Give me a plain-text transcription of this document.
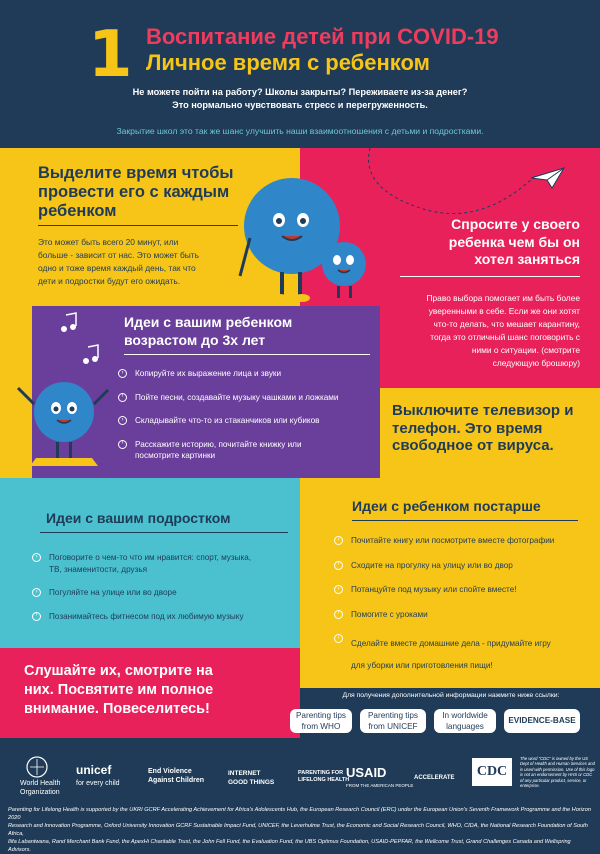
1 Воспитание детей при COVID-19
Личное время с ребенком
Не можете пойти на работу? Школы закрыты? Переживаете из-за денег?
Это нормально чувствовать стресс и перегруженность.
Закрытие школ это так же шанс улучшить наши взаимоотношения с детьми и подростками.
Выделите время чтобы
провести его с каждым
ребенком
Это может быть всего 20 минут, или
больше - зависит от нас. Это может быть
одно и тоже время каждый день, так что
дети и подростки будут его ожидать.
Спросите у своего
ребенка чем бы он
хотел заняться
Право выбора помогает им быть более
уверенными в себе. Если же они хотят
что-то делать, что мешает карантину,
тогда это отличный шанс поговорить с
ними о ситуации. (смотрите
следующую брошюру)
Идеи с вашим ребенком
возрастом до 3х лет
›	Копируйте их выражение лица и звуки
›	Пойте песни, создавайте музыку чашками и ложками
›	Складывайте что-то из стаканчиков или кубиков
›	Расскажите историю, почитайте книжку или
посмотрите картинки
Выключите телевизор и
телефон. Это время
свободное от вируса.
Идеи с вашим подростком
›	Поговорите о чем-то что им нравится: спорт, музыка,
ТВ, знаменитости, друзья
›	Погуляйте на улице или во дворе
›	Позанимайтесь фитнесом под их любимую музыку
Идеи с ребенком постарше
›	Почитайте книгу или посмотрите вместе фотографии
›	Сходите на прогулку на улицу или во двор
›	Потанцуйте под музыку или спойте вместе!
›	Помогите с уроками
›
Сделайте вместе домашние дела - придумайте игру
для уборки или приготовления пищи!
Слушайте их, смотрите на
них. Посвятите им полное
внимание. Повеселитесь!
Для получения дополнительной информации нажмите ниже ссылки:
Parenting tips
from WHO
Parenting tips
from UNICEF
In worldwide
languages
EVIDENCE-BASE
World Health
Organization
unicef
for every child
End Violence
Against Children
INTERNET
GOOD THINGS
PARENTING FOR
LIFELONG HEALTH
USAID
FROM THE AMERICAN PEOPLE
ACCELERATE	CDC
The word "CDC" is owned by the US Dept of Health and Human Services and is used with permission. Use of this logo is not an endorsement by HHS or CDC of any particular product, service, or enterprise.
Parenting for Lifelong Health is supported by the UKRI GCRF Accelerating Achievement for Africa's Adolescents Hub, the European Research Council (ERC) under the European Union's Seventh Framework Programme and the Horizon 2020
Research and Innovation Programme, Oxford University Innovation GCRF Sustainable Impact Fund, UNICEF, the Leverhulme Trust, the Economic and Social Research Council, WHO, CIDA, the National Research Foundation of South Africa,
Ilifa Labantwana, Rand Merchant Bank Fund, the ApexHi Charitable Trust, the John Fell Fund, the Evaluation Fund, the UBS Optimus Foundation, USAID-PEPFAR, the Wellcome Trust, Grand Challenges Canada and Wellspring Advisors.
